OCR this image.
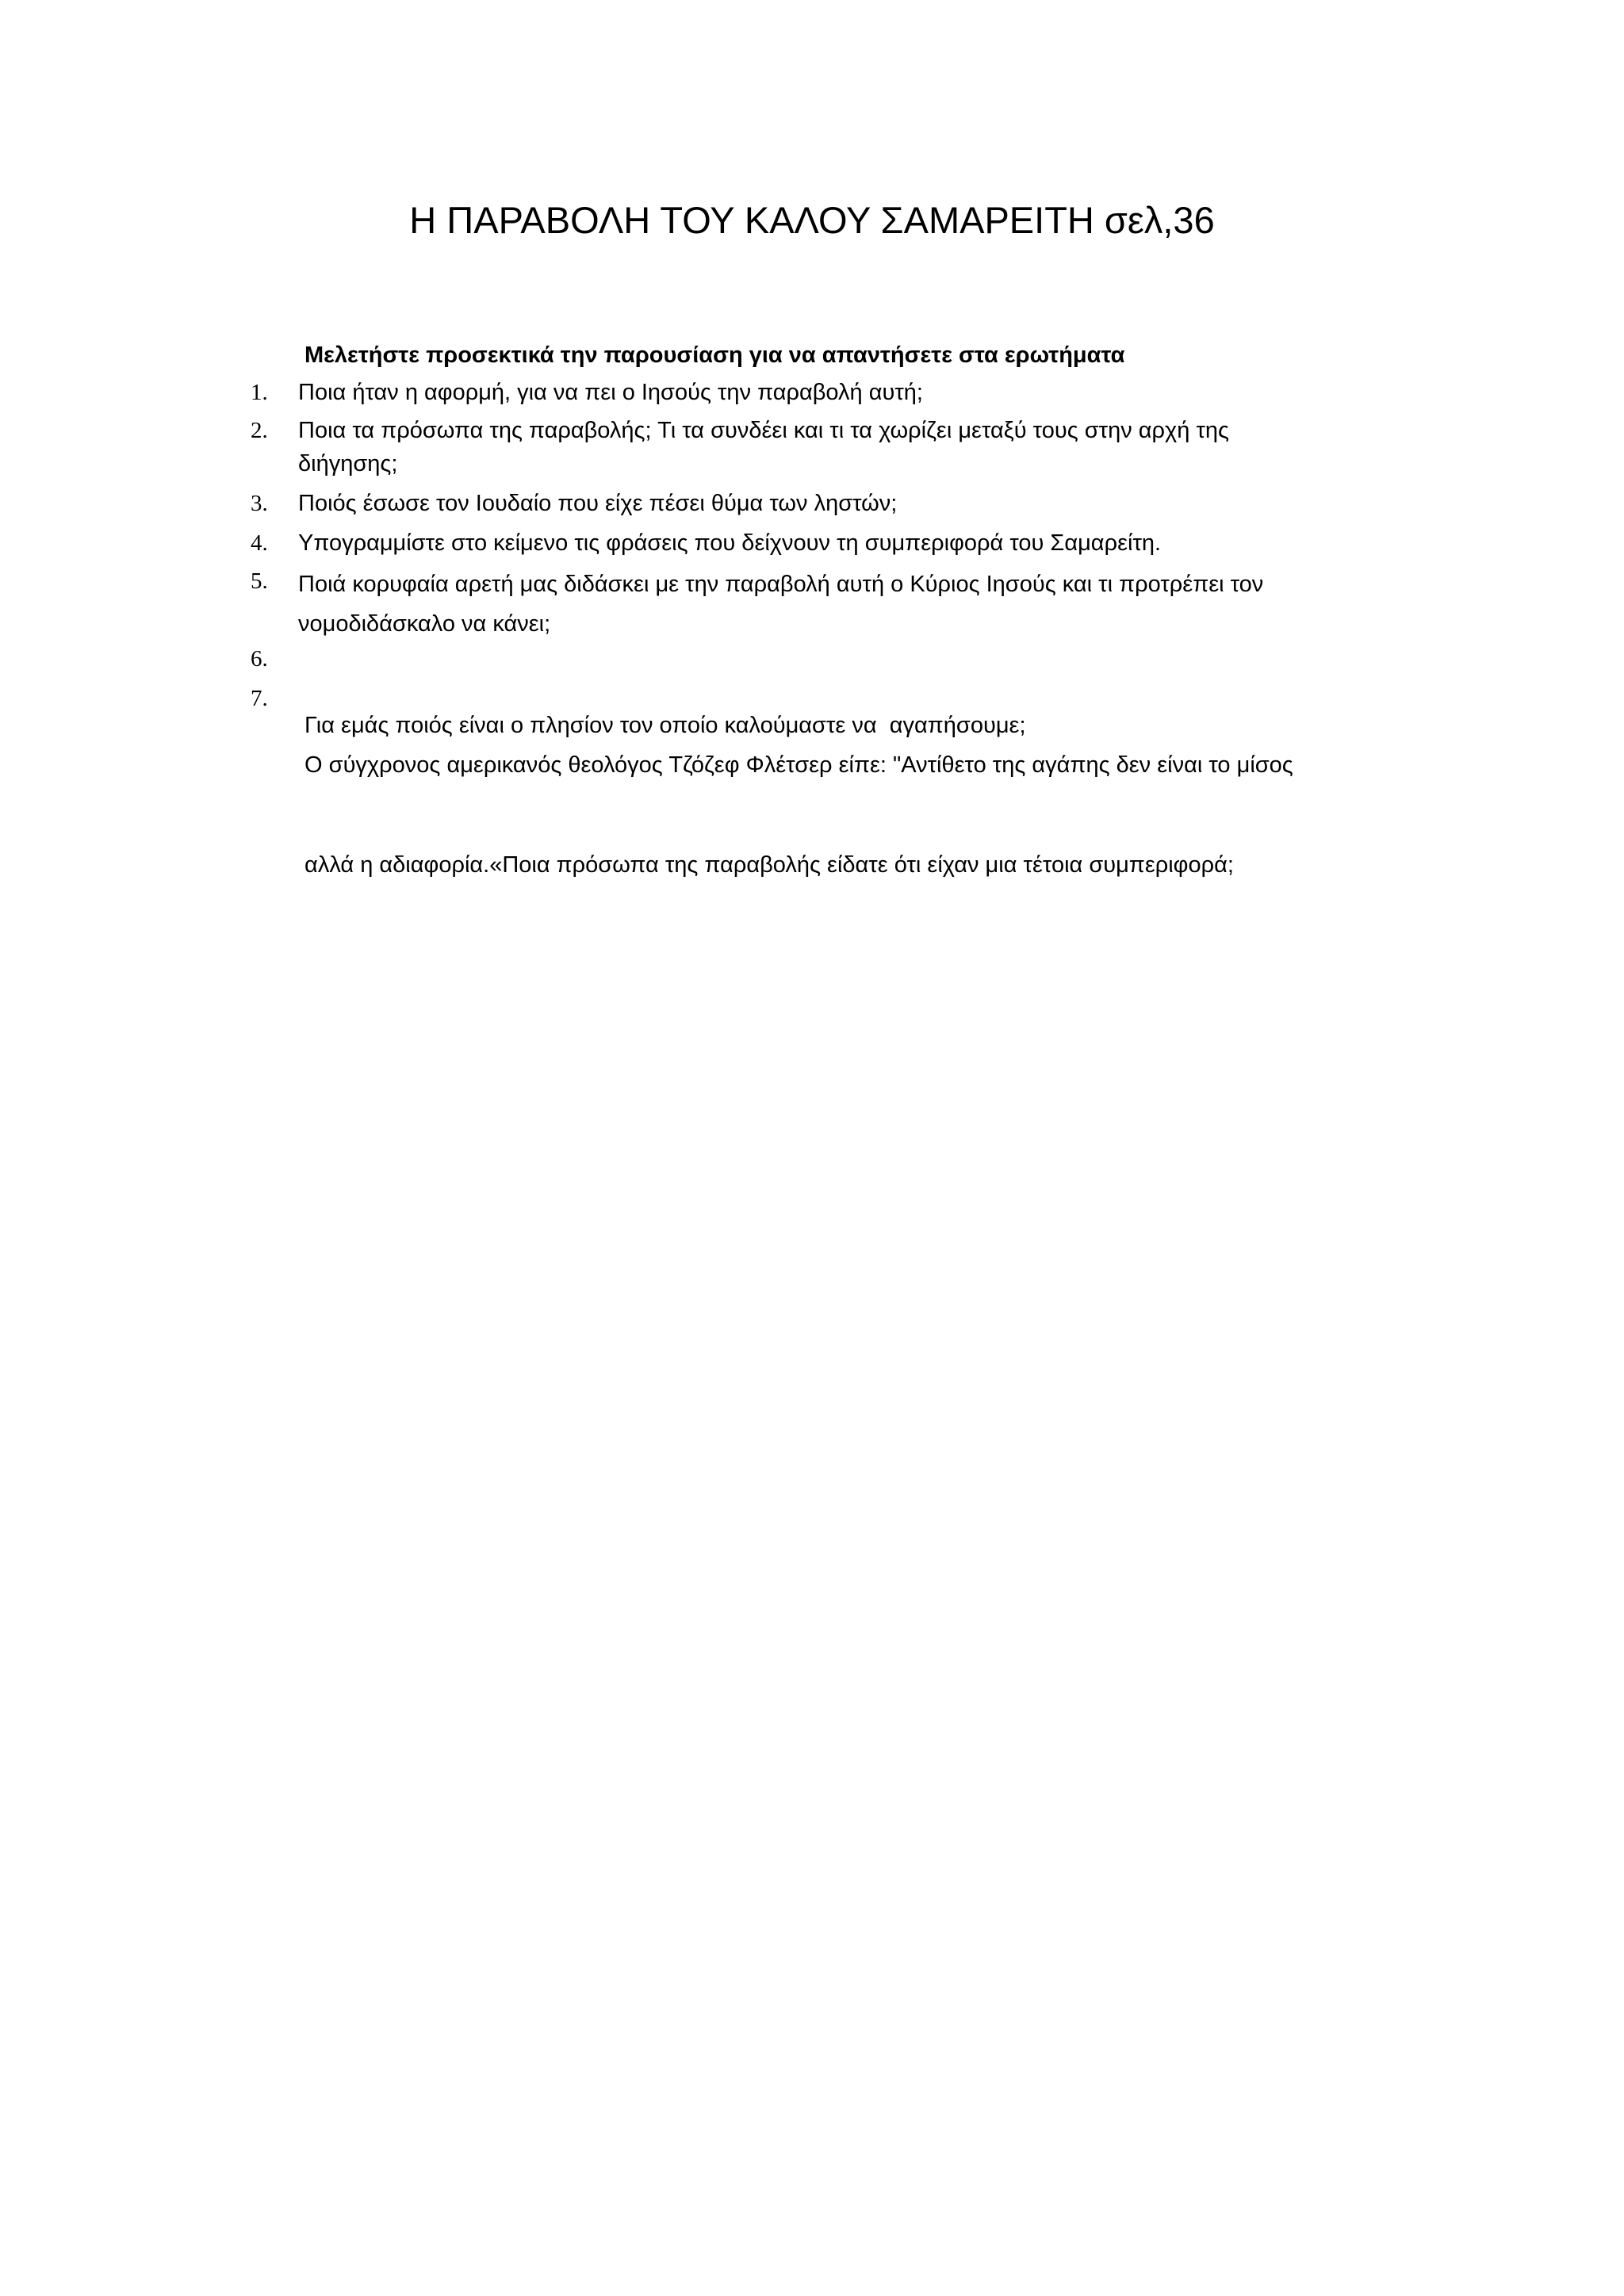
Η ΠΑΡΑΒΟΛΗ ΤΟΥ ΚΑΛΟΥ ΣΑΜΑΡΕΙΤΗ σελ,36
Μελετήστε προσεκτικά την παρουσίαση για να απαντήσετε στα ερωτήματα
1.	Ποια ήταν η αφορμή, για να πει ο Ιησούς την παραβολή αυτή;
2.	Ποια τα πρόσωπα της παραβολής; Τι τα συνδέει και τι τα χωρίζει μεταξύ τους στην αρχή της
διήγησης;
3.	Ποιός έσωσε τον Ιουδαίο που είχε πέσει θύμα των ληστών;
4.	Υπογραμμίστε στο κείμενο τις φράσεις που δείχνουν τη συμπεριφορά του Σαμαρείτη.
5.	Ποιά κορυφαία αρετή μας διδάσκει με την παραβολή αυτή ο Κύριος Ιησούς και τι προτρέπει τον
νομοδιδάσκαλο να κάνει;
6.

Για εμάς ποιός είναι ο πλησίον τον οποίο καλούμαστε να  αγαπήσουμε;

7.

Ο σύγχρονος αμερικανός θεολόγος Τζόζεφ Φλέτσερ είπε: "Αντίθετο της αγάπης δεν είναι το μίσος

αλλά η αδιαφορία.«Ποια πρόσωπα της παραβολής είδατε ότι είχαν μια τέτοια συμπεριφορά;
